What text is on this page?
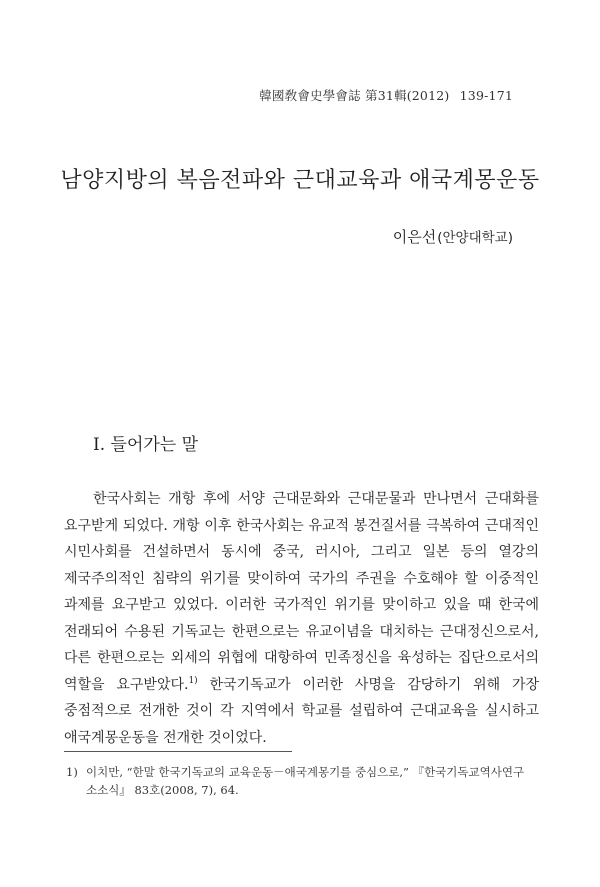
韓國敎會史學會誌 第31輯(2012) 139-171
남양지방의 복음전파와 근대교육과 애국계몽운동
이은선(안양대학교)
Ⅰ. 들어가는 말

한국사회는 개항 후에 서양 근대문화와 근대문물과 만나면서 근대화를 요구받게 되었다. 개항 이후 한국사회는 유교적 봉건질서를 극복하여 근대적인 시민사회를 건설하면서 동시에 중국, 러시아, 그리고 일본 등의 열강의 제국주의적인 침략의 위기를 맞이하여 국가의 주권을 수호해야 할 이중적인 과제를 요구받고 있었다. 이러한 국가적인 위기를 맞이하고 있을 때 한국에 전래되어 수용된 기독교는 한편으로는 유교이념을 대치하는 근대정신으로서, 다른 한편으로는 외세의 위협에 대항하여 민족정신을 육성하는 집단으로서의 역할을 요구받았다.$^{1)}$ 한국기독교가 이러한 사명을 감당하기 위해 가장 중점적으로 전개한 것이 각 지역에서 학교를 설립하여 근대교육을 실시하고 애국계몽운동을 전개한 것이었다.

1) 이치만, “한말 한국기독교의 교육운동－애국계몽기를 중심으로,” 『한국기독교역사연구
소소식』 83호(2008, 7), 64.
